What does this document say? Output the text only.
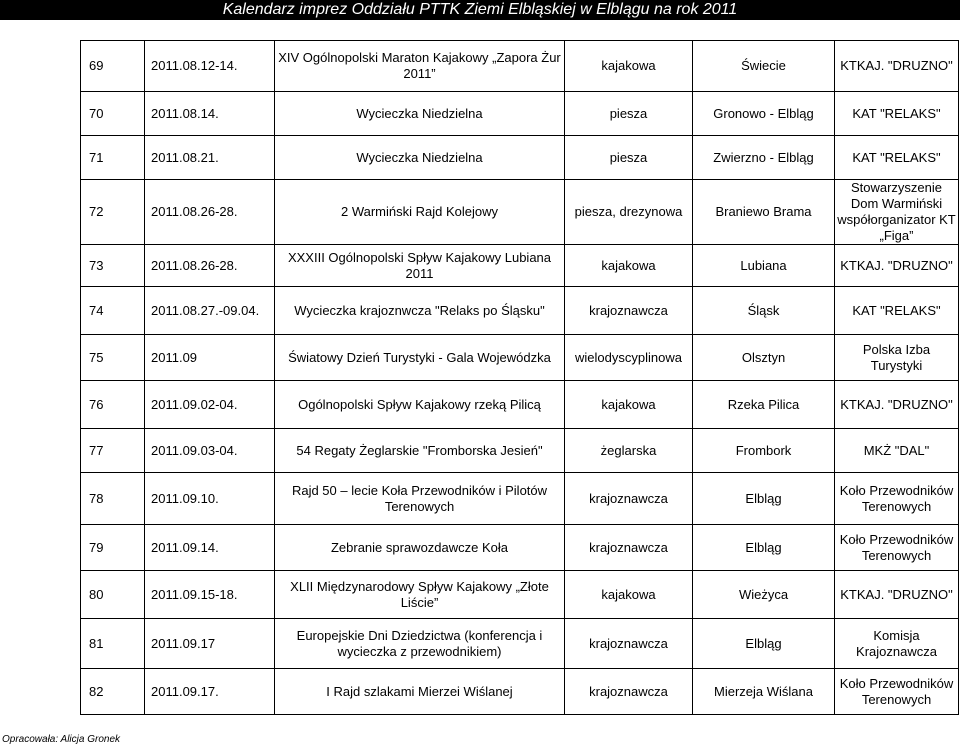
Kalendarz imprez Oddziału PTTK Ziemi Elbląskiej w Elblągu na rok 2011
69	2011.08.12-14.	XIV Ogólnopolski Maraton Kajakowy „Zapora Żur 2011”	kajakowa	Świecie	KTKAJ. "DRUZNO"
70	2011.08.14.	Wycieczka Niedzielna	piesza	Gronowo - Elbląg	KAT "RELAKS"
71	2011.08.21.	Wycieczka Niedzielna	piesza	Zwierzno - Elbląg	KAT "RELAKS"
72	2011.08.26-28.	2 Warmiński Rajd Kolejowy	piesza, drezynowa	Braniewo Brama	Stowarzyszenie Dom Warmiński współorganizator KT „Figa”
73	2011.08.26-28.	XXXIII Ogólnopolski Spływ Kajakowy Lubiana 2011	kajakowa	Lubiana	KTKAJ. "DRUZNO"
74	2011.08.27.-09.04.	Wycieczka krajoznwcza "Relaks po Śląsku"	krajoznawcza	Śląsk	KAT "RELAKS"
75	2011.09	Światowy Dzień Turystyki - Gala Wojewódzka	wielodyscyplinowa	Olsztyn	Polska Izba Turystyki
76	2011.09.02-04.	Ogólnopolski Spływ Kajakowy rzeką Pilicą	kajakowa	Rzeka Pilica	KTKAJ. "DRUZNO"
77	2011.09.03-04.	54 Regaty Żeglarskie "Fromborska Jesień"	żeglarska	Frombork	MKŻ "DAL"
78	2011.09.10.	Rajd 50 – lecie Koła Przewodników i Pilotów Terenowych	krajoznawcza	Elbląg	Koło Przewodników Terenowych
79	2011.09.14.	Zebranie sprawozdawcze Koła	krajoznawcza	Elbląg	Koło Przewodników Terenowych
80	2011.09.15-18.	XLII Międzynarodowy Spływ Kajakowy „Złote Liście”	kajakowa	Wieżyca	KTKAJ. "DRUZNO"
81	2011.09.17	Europejskie Dni Dziedzictwa (konferencja i wycieczka z przewodnikiem)	krajoznawcza	Elbląg	Komisja Krajoznawcza
82	2011.09.17.	I Rajd szlakami Mierzei Wiślanej	krajoznawcza	Mierzeja Wiślana	Koło Przewodników Terenowych
Opracowała: Alicja Gronek
